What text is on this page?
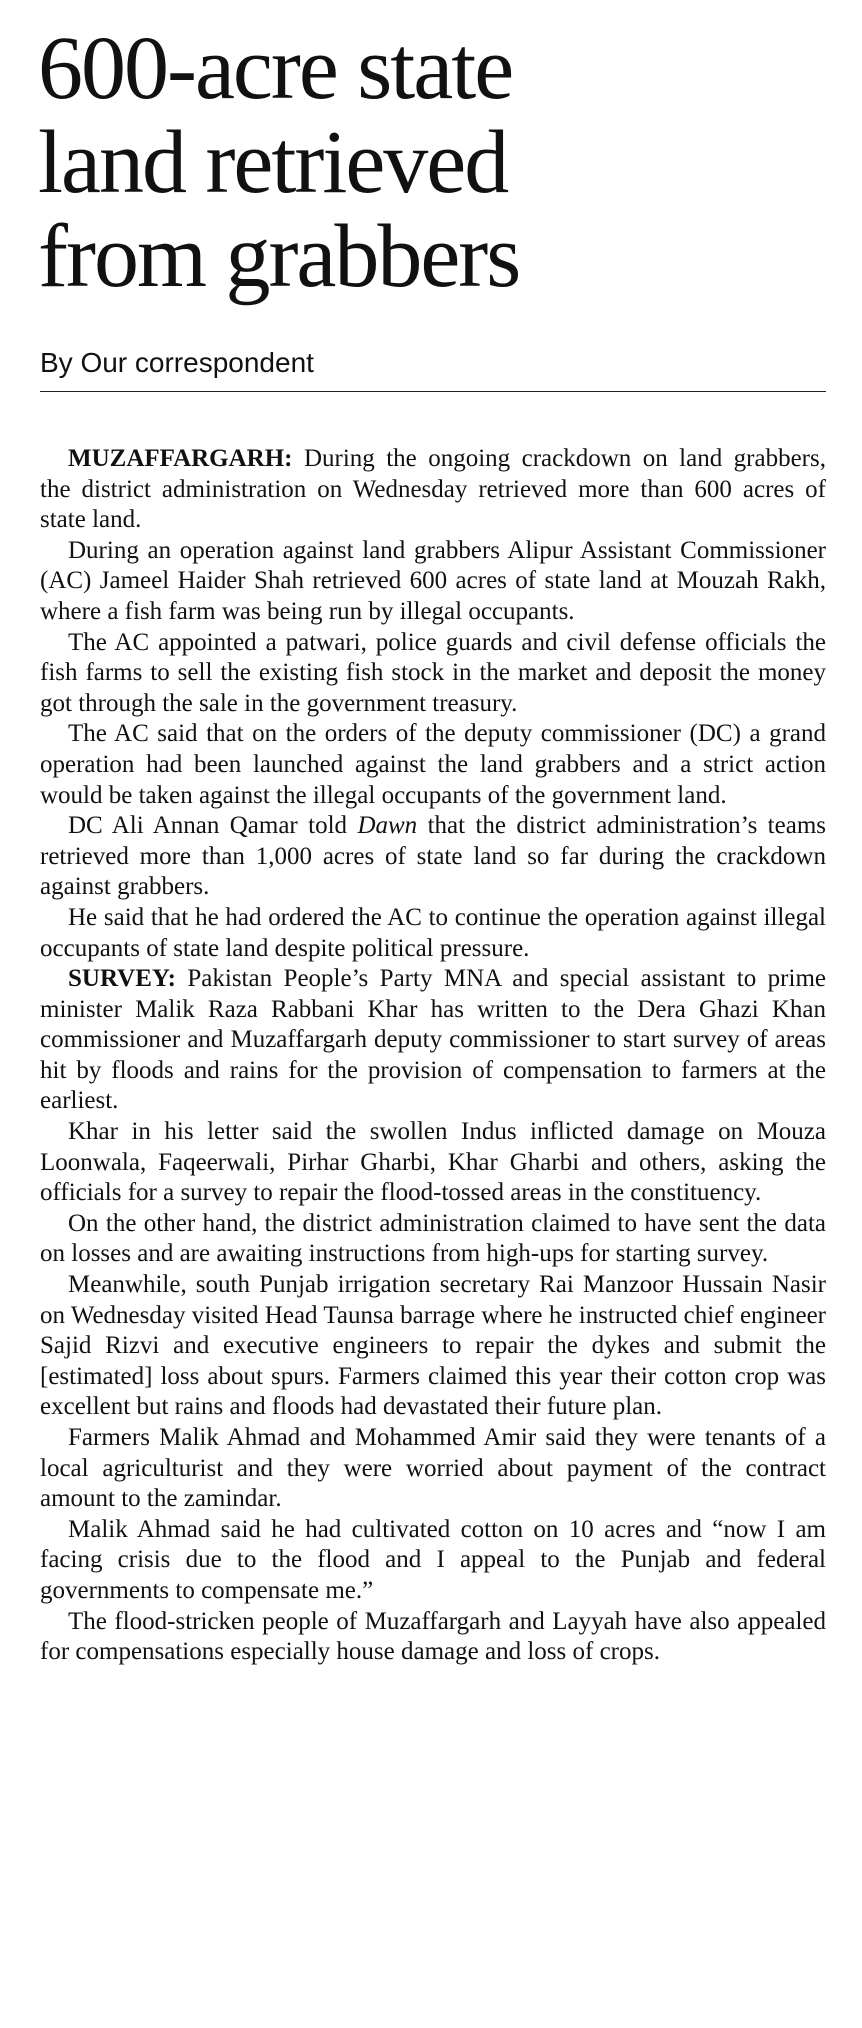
600-acre state
land retrieved
from grabbers
By Our correspondent

MUZAFFARGARH: During the ongoing crackdown on land grabbers, the district administration on Wednesday retrieved more than 600 acres of state land.

During an operation against land grabbers Alipur Assistant Commissioner (AC) Jameel Haider Shah retrieved 600 acres of state land at Mouzah Rakh, where a fish farm was being run by illegal occupants.

The AC appointed a patwari, police guards and civil defense officials the fish farms to sell the existing fish stock in the market and deposit the money got through the sale in the government treasury.

The AC said that on the orders of the deputy commissioner (DC) a grand operation had been launched against the land grabbers and a strict action would be taken against the illegal occupants of the government land.

DC Ali Annan Qamar told Dawn that the district administration’s teams retrieved more than 1,000 acres of state land so far during the crackdown against grabbers.

He said that he had ordered the AC to continue the operation against illegal occupants of state land despite political pressure.

SURVEY: Pakistan People’s Party MNA and special assistant to prime minister Malik Raza Rabbani Khar has written to the Dera Ghazi Khan commissioner and Muzaffargarh deputy commissioner to start survey of areas hit by floods and rains for the provision of compensation to farmers at the earliest.

Khar in his letter said the swollen Indus inflicted damage on Mouza Loonwala, Faqeerwali, Pirhar Gharbi, Khar Gharbi and others, asking the officials for a survey to repair the flood-tossed areas in the constituency.

On the other hand, the district administration claimed to have sent the data on losses and are awaiting instructions from high-ups for starting survey.

Meanwhile, south Punjab irrigation secretary Rai Manzoor Hussain Nasir on Wednesday visited Head Taunsa barrage where he instructed chief engineer Sajid Rizvi and executive engineers to repair the dykes and submit the [estimated] loss about spurs. Farmers claimed this year their cotton crop was excellent but rains and floods had devastated their future plan.

Farmers Malik Ahmad and Mohammed Amir said they were tenants of a local agriculturist and they were worried about payment of the contract amount to the zamindar.

Malik Ahmad said he had cultivated cotton on 10 acres and “now I am facing crisis due to the flood and I appeal to the Punjab and federal governments to compensate me.”

The flood-stricken people of Muzaffargarh and Layyah have also appealed for compensations especially house damage and loss of crops.
